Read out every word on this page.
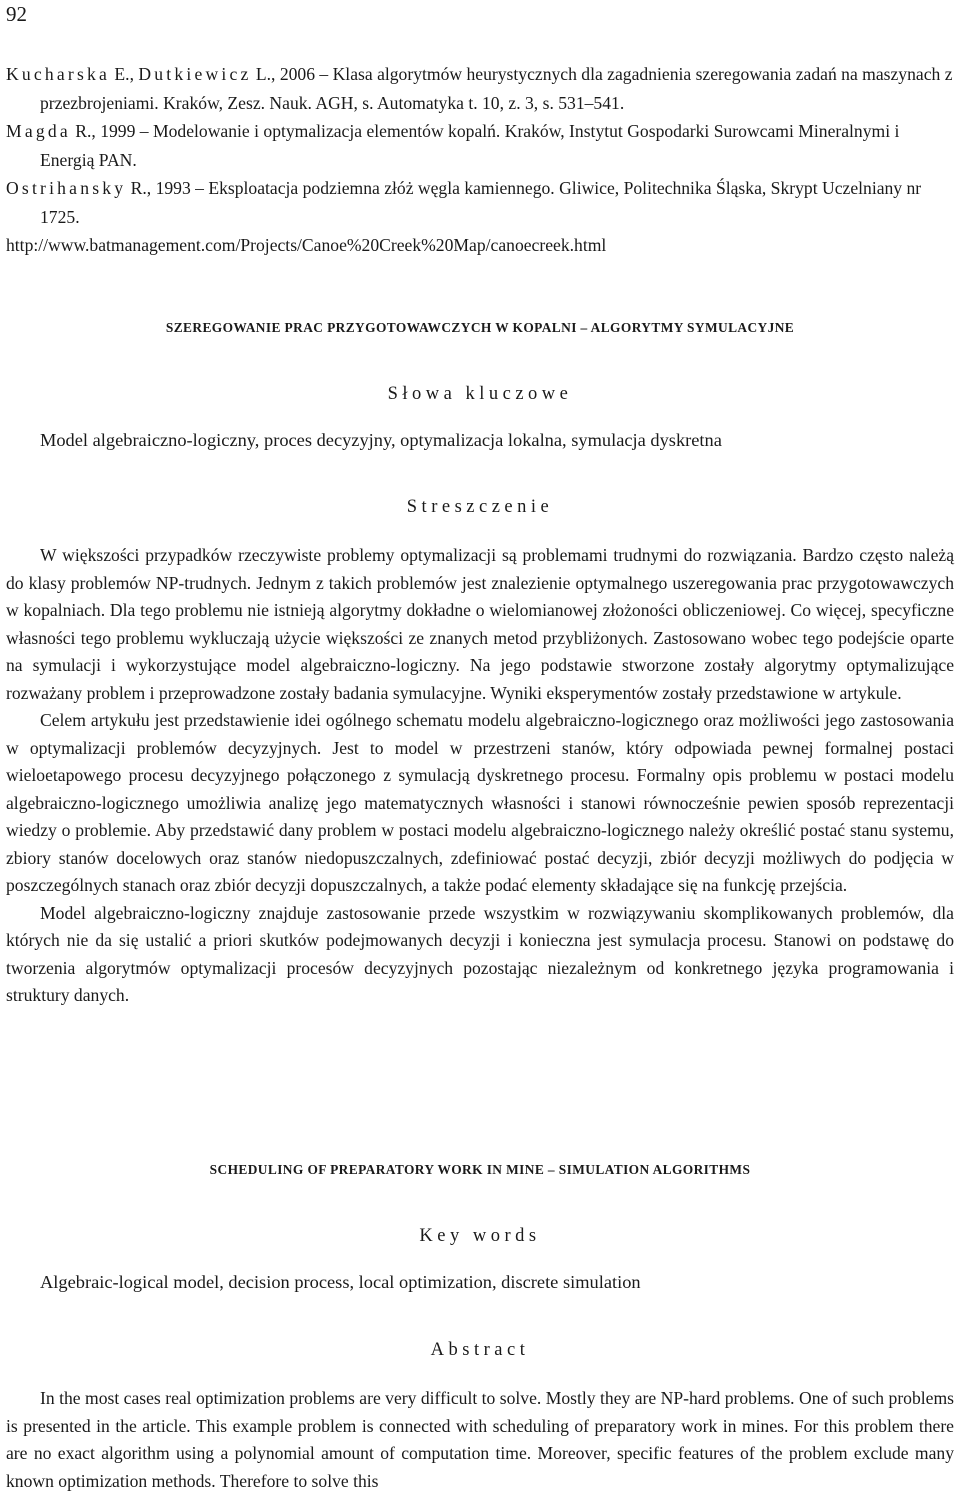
92
Kucharska E., Dutkiewicz L., 2006 – Klasa algorytmów heurystycznych dla zagadnienia szeregowania zadań na maszynach z przezbrojeniami. Kraków, Zesz. Nauk. AGH, s. Automatyka t. 10, z. 3, s. 531–541.
Magda R., 1999 – Modelowanie i optymalizacja elementów kopalń. Kraków, Instytut Gospodarki Surowcami Mineralnymi i Energią PAN.
Ostrihansky R., 1993 – Eksploatacja podziemna złóż węgla kamiennego. Gliwice, Politechnika Śląska, Skrypt Uczelniany nr 1725.
http://www.batmanagement.com/Projects/Canoe%20Creek%20Map/canoecreek.html
SZEREGOWANIE PRAC PRZYGOTOWAWCZYCH W KOPALNI – ALGORYTMY SYMULACYJNE
Słowa kluczowe
Model algebraiczno-logiczny, proces decyzyjny, optymalizacja lokalna, symulacja dyskretna
Streszczenie

W większości przypadków rzeczywiste problemy optymalizacji są problemami trudnymi do rozwiązania. Bardzo często należą do klasy problemów NP-trudnych. Jednym z takich problemów jest znalezienie optymalnego uszeregowania prac przygotowawczych w kopalniach. Dla tego problemu nie istnieją algorytmy dokładne o wielomianowej złożoności obliczeniowej. Co więcej, specyficzne własności tego problemu wykluczają użycie większości ze znanych metod przybliżonych. Zastosowano wobec tego podejście oparte na symulacji i wykorzystujące model algebraiczno-logiczny. Na jego podstawie stworzone zostały algorytmy optymalizujące rozważany problem i przeprowadzone zostały badania symulacyjne. Wyniki eksperymentów zostały przedstawione w artykule.

Celem artykułu jest przedstawienie idei ogólnego schematu modelu algebraiczno-logicznego oraz możliwości jego zastosowania w optymalizacji problemów decyzyjnych. Jest to model w przestrzeni stanów, który odpowiada pewnej formalnej postaci wieloetapowego procesu decyzyjnego połączonego z symulacją dyskretnego procesu. Formalny opis problemu w postaci modelu algebraiczno-logicznego umożliwia analizę jego matematycznych własności i stanowi równocześnie pewien sposób reprezentacji wiedzy o problemie. Aby przedstawić dany problem w postaci modelu algebraiczno-logicznego należy określić postać stanu systemu, zbiory stanów docelowych oraz stanów niedopuszczalnych, zdefiniować postać decyzji, zbiór decyzji możliwych do podjęcia w poszczególnych stanach oraz zbiór decyzji dopuszczalnych, a także podać elementy składające się na funkcję przejścia.

Model algebraiczno-logiczny znajduje zastosowanie przede wszystkim w rozwiązywaniu skomplikowanych problemów, dla których nie da się ustalić a priori skutków podejmowanych decyzji i konieczna jest symulacja procesu. Stanowi on podstawę do tworzenia algorytmów optymalizacji procesów decyzyjnych pozostając niezależnym od konkretnego języka programowania i struktury danych.

SCHEDULING OF PREPARATORY WORK IN MINE – SIMULATION ALGORITHMS
Key words
Algebraic-logical model, decision process, local optimization, discrete simulation
Abstract

In the most cases real optimization problems are very difficult to solve. Mostly they are NP-hard problems. One of such problems is presented in the article. This example problem is connected with scheduling of preparatory work in mines. For this problem there are no exact algorithm using a polynomial amount of computation time. Moreover, specific features of the problem exclude many known optimization methods. Therefore to solve this
